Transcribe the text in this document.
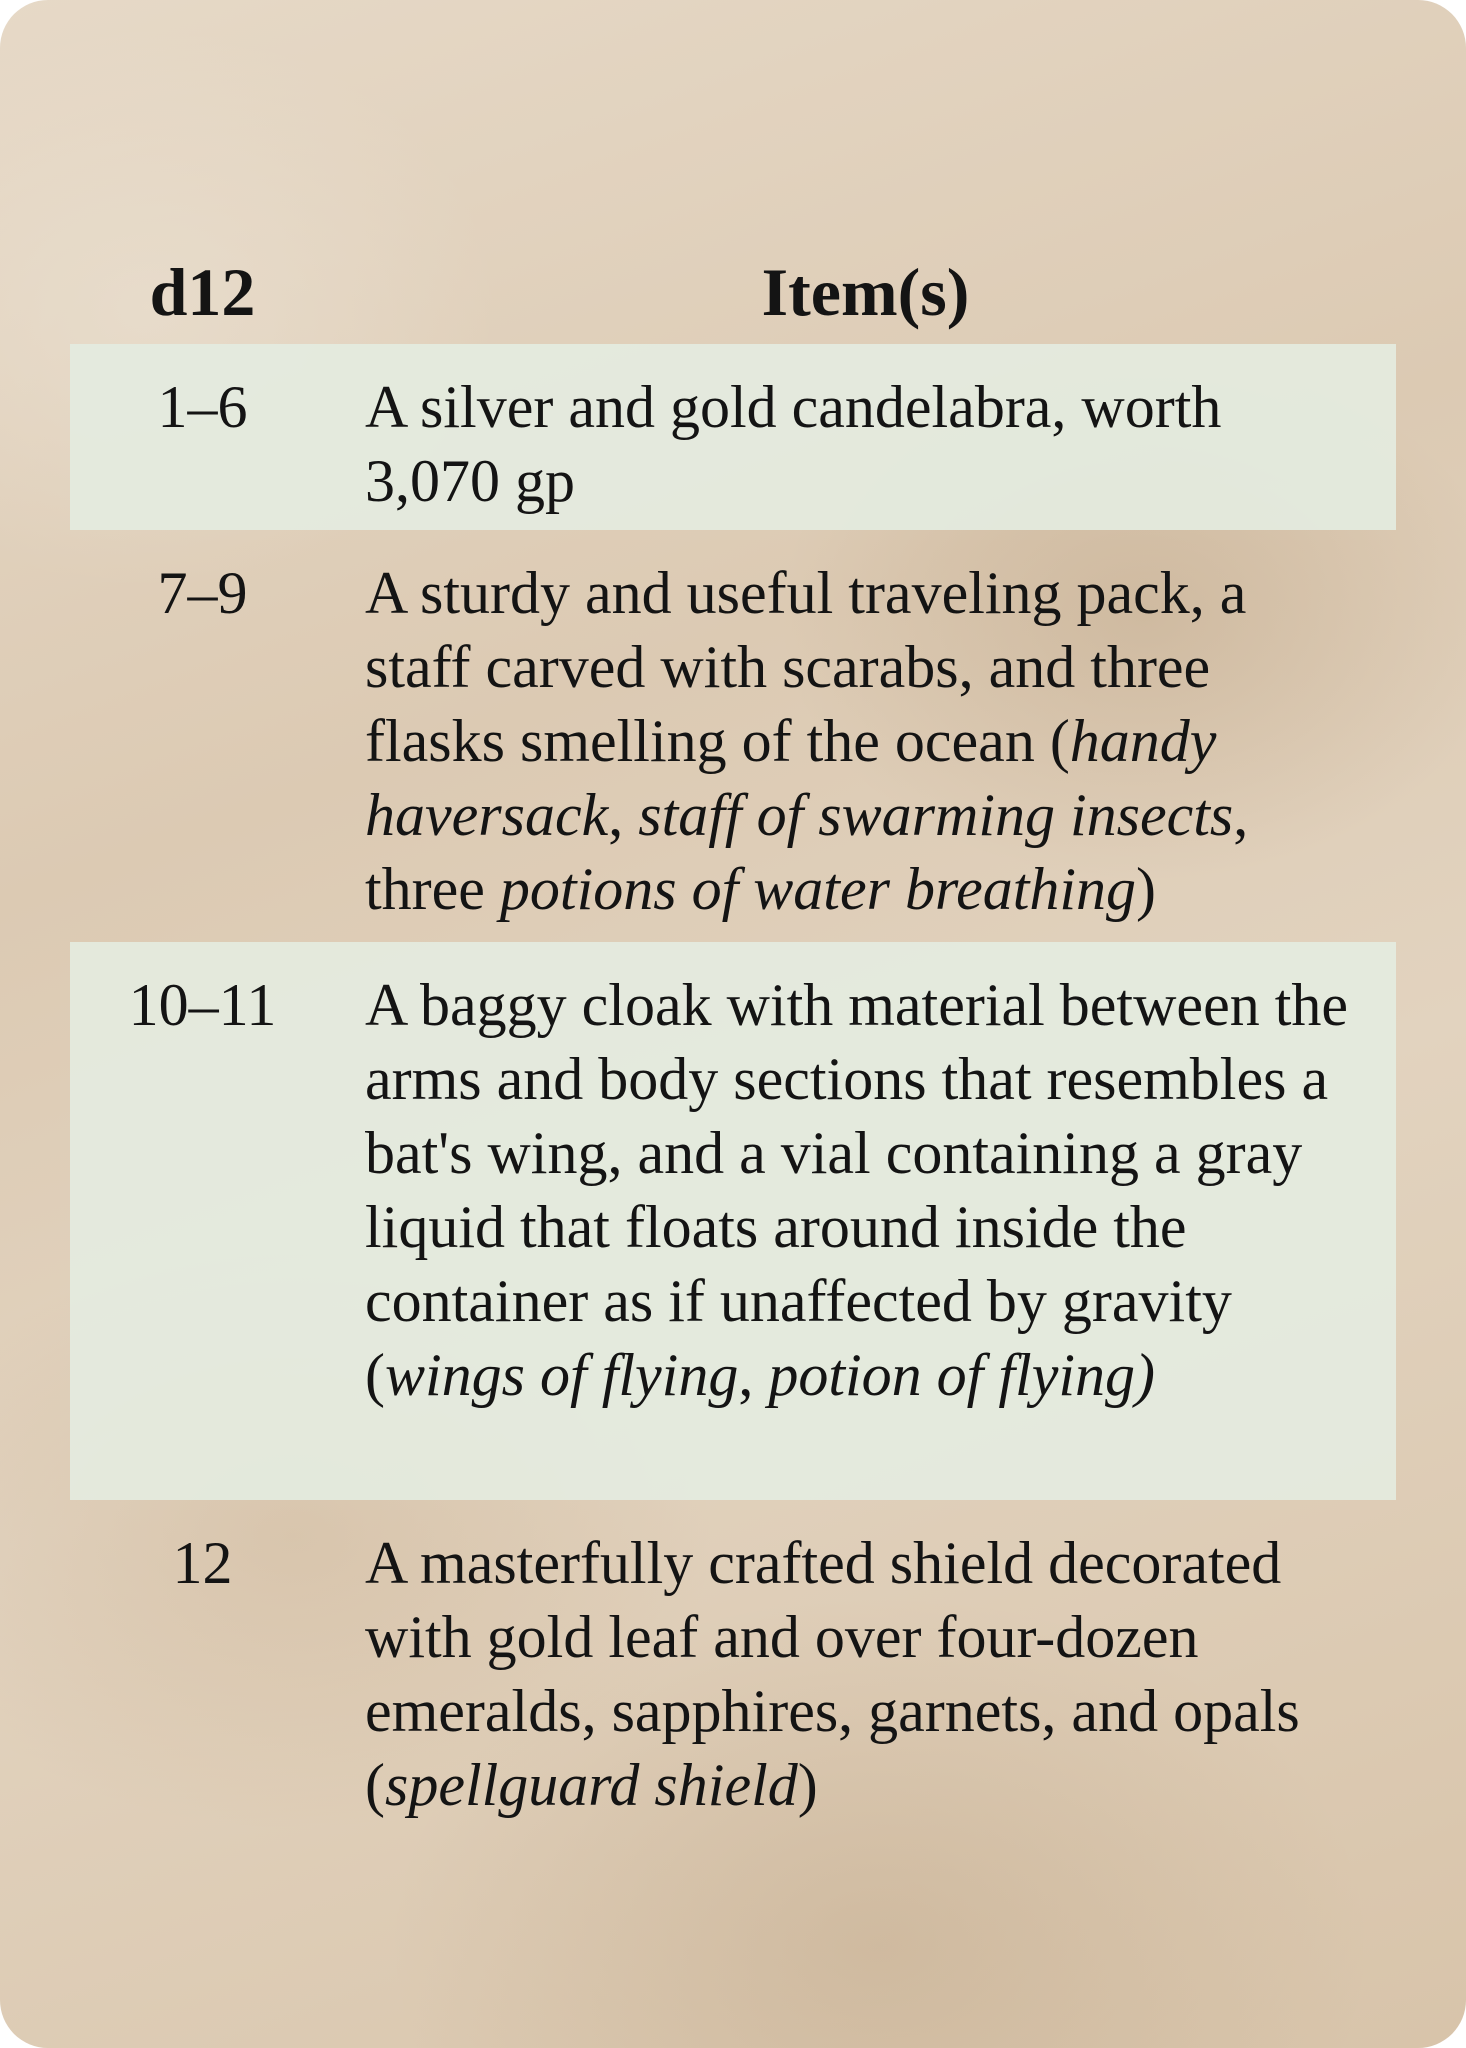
d12	Item(s)
1–6	A silver and gold candelabra, worth 3,070 gp
7–9	A sturdy and useful traveling pack, a staff carved with scarabs, and three flasks smelling of the ocean (handy haversack, staff of swarming insects, three potions of water breathing)
10–11	A baggy cloak with material between the arms and body sections that resembles a bat's wing, and a vial containing a gray liquid that floats around inside the container as if unaffected by gravity (wings of flying, potion of flying)
12	A masterfully crafted shield decorated with gold leaf and over four-dozen emeralds, sapphires, garnets, and opals (spellguard shield)
